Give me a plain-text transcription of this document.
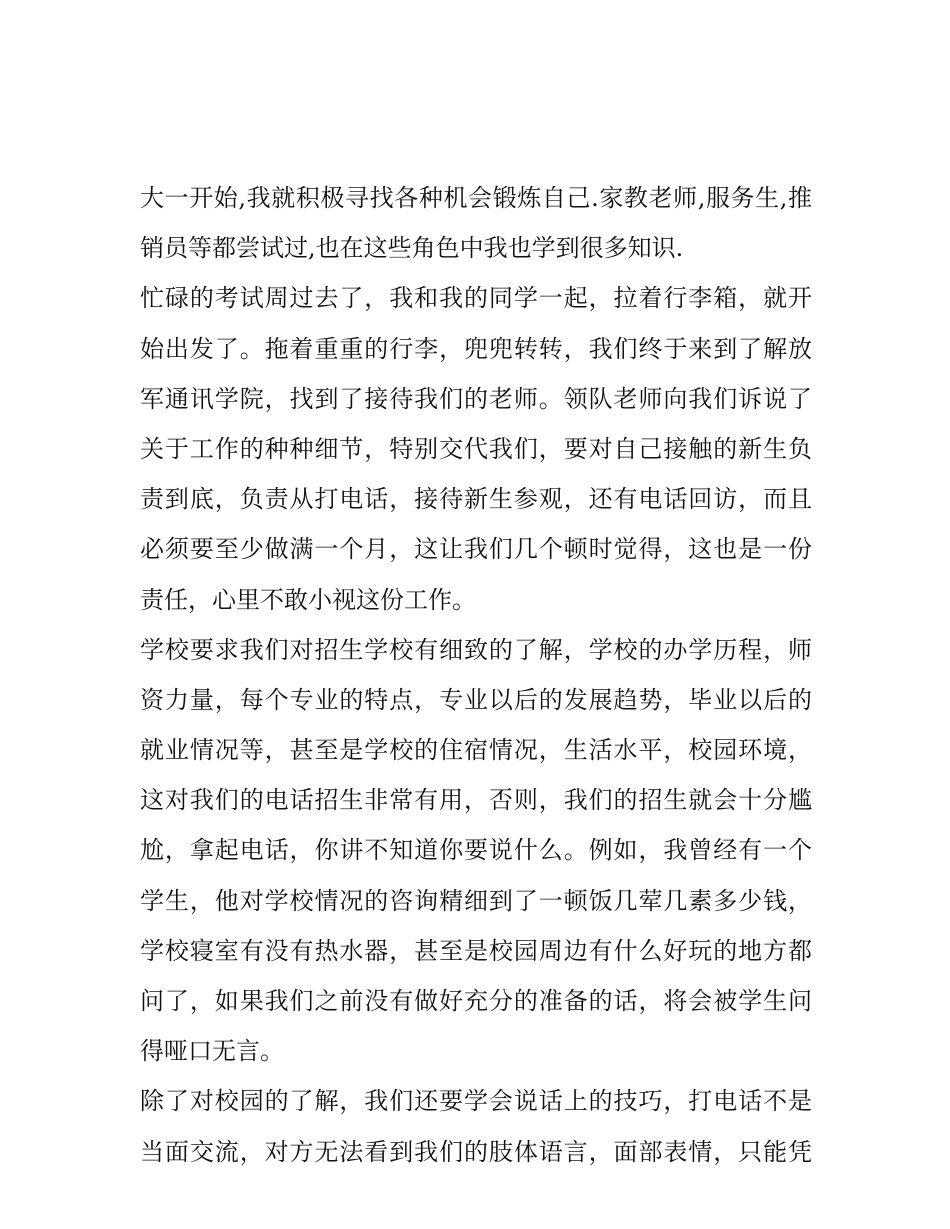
大一开始,我就积极寻找各种机会锻炼自己.家教老师,服务生,推
销员等都尝试过,也在这些角色中我也学到很多知识.
忙碌的考试周过去了，我和我的同学一起，拉着行李箱，就开
始出发了。拖着重重的行李，兜兜转转，我们终于来到了解放
军通讯学院，找到了接待我们的老师。领队老师向我们诉说了
关于工作的种种细节，特别交代我们，要对自己接触的新生负
责到底，负责从打电话，接待新生参观，还有电话回访，而且
必须要至少做满一个月，这让我们几个顿时觉得，这也是一份
责任，心里不敢小视这份工作。
学校要求我们对招生学校有细致的了解，学校的办学历程，师
资力量，每个专业的特点，专业以后的发展趋势，毕业以后的
就业情况等，甚至是学校的住宿情况，生活水平，校园环境，
这对我们的电话招生非常有用，否则，我们的招生就会十分尴
尬，拿起电话，你讲不知道你要说什么。例如，我曾经有一个
学生，他对学校情况的咨询精细到了一顿饭几荤几素多少钱，
学校寝室有没有热水器，甚至是校园周边有什么好玩的地方都
问了，如果我们之前没有做好充分的准备的话，将会被学生问
得哑口无言。
除了对校园的了解，我们还要学会说话上的技巧，打电话不是
当面交流，对方无法看到我们的肢体语言，面部表情，只能凭
